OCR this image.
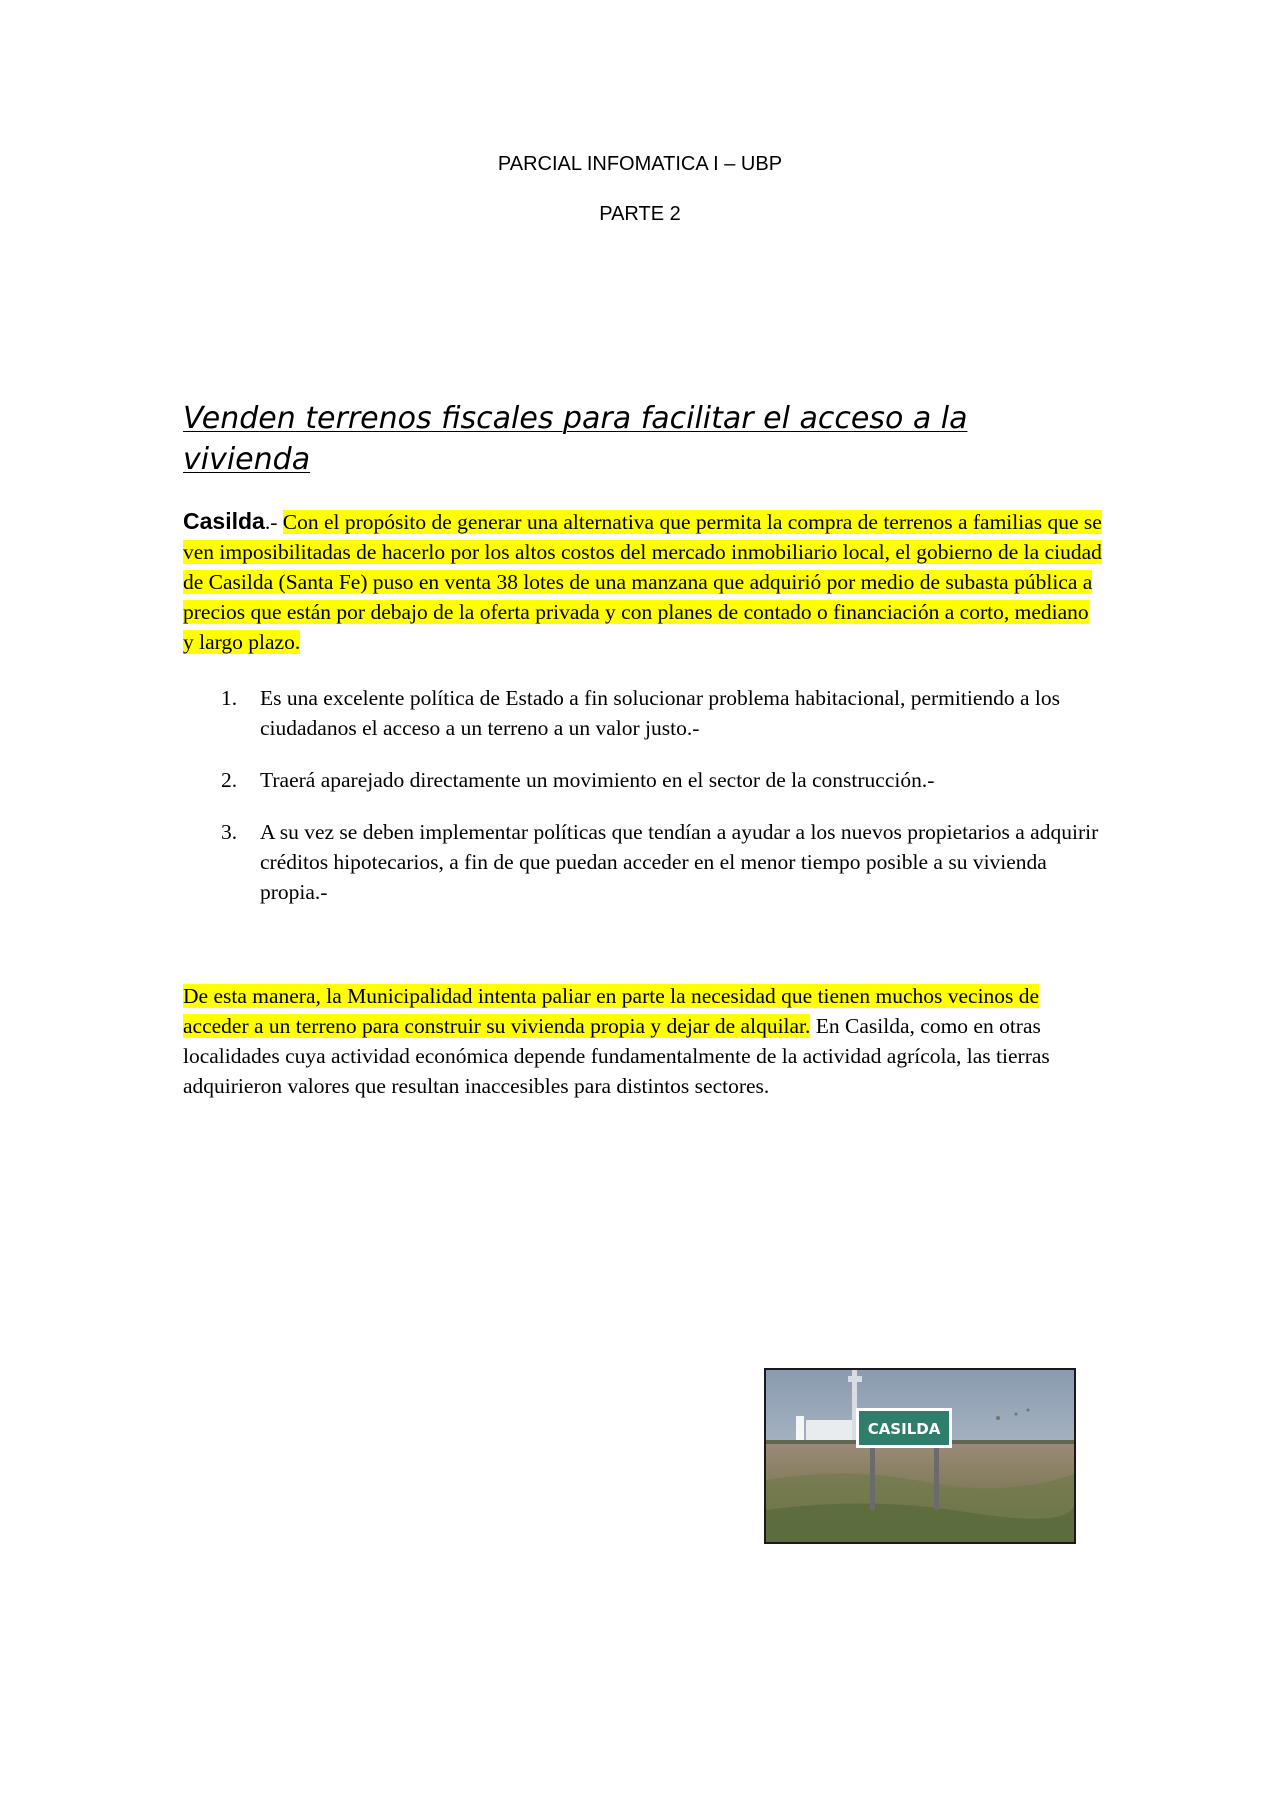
PARCIAL INFOMATICA I – UBP
PARTE 2
Venden terrenos fiscales para facilitar el acceso a la vivienda
Casilda.- Con el propósito de generar una alternativa que permita la compra de terrenos a familias que se ven imposibilitadas de hacerlo por los altos costos del mercado inmobiliario local, el gobierno de la ciudad de Casilda (Santa Fe) puso en venta 38 lotes de una manzana que adquirió por medio de subasta pública a precios que están por debajo de la oferta privada y con planes de contado o financiación a corto, mediano y largo plazo.
1. Es una excelente política de Estado a fin solucionar problema habitacional, permitiendo a los ciudadanos el acceso a un terreno a un valor justo.-
2. Traerá aparejado directamente un movimiento en el sector de la construcción.-
3. A su vez se deben implementar políticas que tendían a ayudar a los nuevos propietarios a adquirir créditos hipotecarios, a fin de que puedan acceder en el menor tiempo posible a su vivienda propia.-
De esta manera, la Municipalidad intenta paliar en parte la necesidad que tienen muchos vecinos de acceder a un terreno para construir su vivienda propia y dejar de alquilar. En Casilda, como en otras localidades cuya actividad económica depende fundamentalmente de la actividad agrícola, las tierras adquirieron valores que resultan inaccesibles para distintos sectores.
CASILDA
